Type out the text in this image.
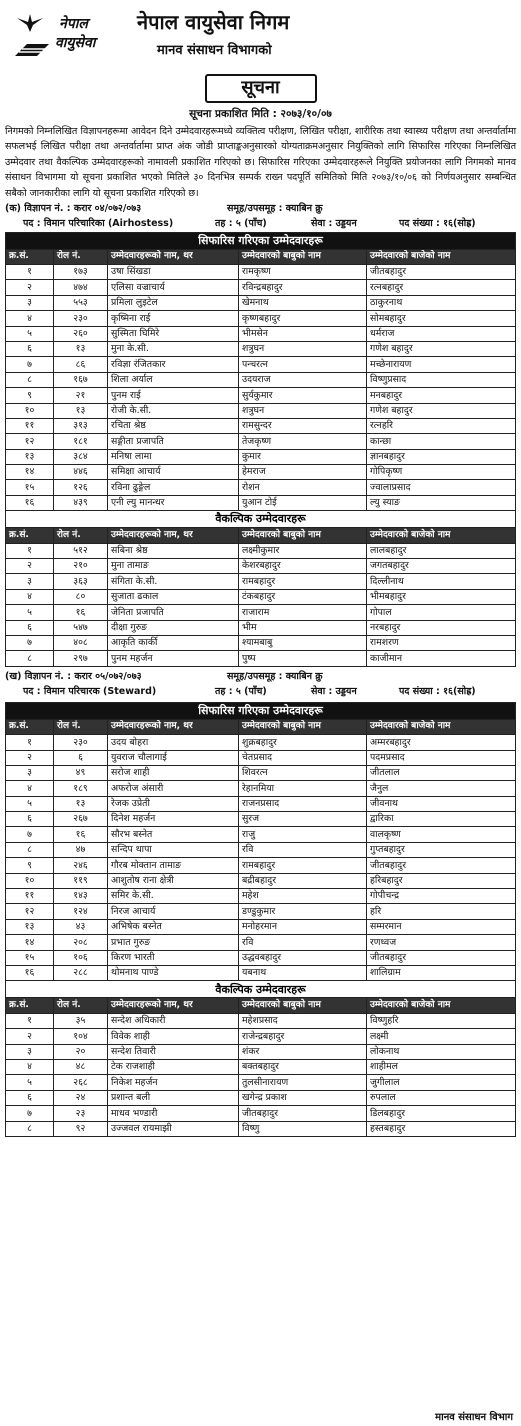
नेपाल
वायुसेवा
नेपाल वायुसेवा निगम
मानव संसाधन विभागको
सूचना
सूचना प्रकाशित मिति : २०७३/१०/०७
निगमको निम्नलिखित विज्ञापनहरूमा आवेदन दिने उम्मेदवारहरूमध्ये व्यक्तित्व परीक्षण, लिखित परीक्षा, शारीरिक तथा स्वास्थ्य परीक्षण तथा अन्तर्वार्तामा सफलभई लिखित परीक्षा तथा अन्तर्वार्तामा प्राप्त अंक जोडी प्राप्ताङ्कअनुसारको योग्यताक्रमअनुसार नियुक्तिको लागि सिफारिस गरिएका निम्नलिखित उम्मेदवार तथा वैकल्पिक उम्मेदवारहरूको नामावली प्रकाशित गरिएको छ। सिफारिस गरिएका उम्मेदवारहरूले नियुक्ति प्रयोजनका लागि निगमको मानव संसाधन विभागमा यो सूचना प्रकाशित भएको मितिले ३० दिनभित्र सम्पर्क राख्न पदपूर्ति समितिको मिति २०७३/१०/०६ को निर्णयअनुसार सम्बन्धित सबैको जानकारीका लागि यो सूचना प्रकाशित गरिएको छ।
(क) विज्ञापन नं. : करार ०४/०७२/०७३	समूह/उपसमूह : क्याबिन क्रु
पद : विमान परिचारिका (Airhostess)	तह : ५ (पाँच)	सेवा : उड्डयन	पद संख्या : १६(सोह्र)
सिफारिस गरिएका उम्मेदवारहरू				
क्र.सं.	रोल नं.	उम्मेदवारहरूको नाम, थर	उम्मेदवारको बाबुको नाम	उम्मेदवारको बाजेको नाम
१	१७३	उषा सिंखडा	रामकृष्ण	जीतबहादुर
२	४७४	एलिसा वज्राचार्य	रविन्द्रबहादुर	रत्नबहादुर
३	५५३	प्रमिला लुइटेल	खेमनाथ	ठाकुरनाथ
४	२३०	कृष्मिना राई	कृष्णबहादुर	सोमबहादुर
५	२६०	सुस्मिता घिमिरे	भीमसेन	धर्मराज
६	१३	मुना के.सी.	शत्रुघन	गणेश बहादुर
७	८६	रविज्ञा रंजितकार	पन्चरत्न	मच्छेनारायण
८	१६७	शिला अर्याल	उदयराज	विष्णुप्रसाद
९	२१	पुनम राई	सुर्यकुमार	मनबहादुर
१०	१३	रोजी के.सी.	शत्रुघन	गणेश बहादुर
११	३१३	रचिता श्रेष्ठ	रामसुन्दर	रत्नहरि
१२	१८१	सङ्गीता प्रजापति	तेजकृष्ण	कान्छा
१३	३८४	मनिषा लामा	कुमार	ज्ञानबहादुर
१४	४४६	समिक्षा आचार्य	हेमराज	गोपिकृष्ण
१५	१२६	रविना ढुङ्गेल	रोशन	ज्वालाप्रसाद
१६	४३९	एनी ल्यु मानन्धर	युआन टोई	ल्यु स्याङ
वैकल्पिक उम्मेदवारहरू				
क्र.सं.	रोल नं.	उम्मेदवारहरूको नाम, थर	उम्मेदवारको बाबुको नाम	उम्मेदवारको बाजेको नाम
१	५१२	सबिना श्रेष्ठ	लक्ष्मीकुमार	लालबहादुर
२	२१०	मुना तामाङ	केशरबहादुर	जगतबहादुर
३	३६३	संगिता के.सी.	रामबहादुर	दिल्लीनाथ
४	८०	सुजाता ढकाल	टंकबहादुर	भीमबहादुर
५	१६	जेनिता प्रजापति	राजाराम	गोपाल
६	५४७	दीक्षा गुरुङ	भीम	नरबहादुर
७	४०८	आकृति कार्की	श्यामबाबु	रामशरण
८	२९७	पुनम महर्जन	पुष्प	काजीमान
(ख) विज्ञापन नं. : करार ०५/०७२/०७३	समूह/उपसमूह : क्याबिन क्रु
पद : विमान परिचारक (Steward)	तह : ५ (पाँच)	सेवा : उड्डयन	पद संख्या : १६(सोह्र)
सिफारिस गरिएका उम्मेदवारहरू				
क्र.सं.	रोल नं.	उम्मेदवारहरूको नाम, थर	उम्मेदवारको बाबुको नाम	उम्मेदवारको बाजेको नाम
१	२३०	उदय बोहरा	शुक्रबहादुर	अम्मरबहादुर
२	६	युवराज चौलागाई	चेतप्रसाद	पदमप्रसाद
३	४९	सरोज शाही	शिवरत्न	जीतलाल
४	१८९	अफरोज अंसारी	रेहानमिया	जैनुल
५	१३	रेजक उप्रेती	राजनप्रसाद	जीवनाथ
६	२६७	दिनेश महर्जन	सुरज	द्वारिका
७	१६	सौरभ बस्नेत	राजु	वालकृष्ण
८	४७	सन्दिप थापा	रवि	गुप्तबहादुर
९	२४६	गौरब मोक्तान तामाङ	रामबहादुर	जीतबहादुर
१०	११९	आशुतोष राना क्षेत्री	बद्रीबहादुर	हरिबहादुर
११	१४३	समिर के.सी.	महेश	गोपीचन्द्र
१२	१२४	निरज आचार्य	डण्डुकुमार	हरि
१३	४३	अभिषेक बस्नेत	मनोहरमान	सम्मरमान
१४	२०८	प्रभात गुरुङ	रवि	रणध्वज
१५	१०६	किरण भारती	उद्धवबहादुर	जीतबहादुर
१६	२८८	थोमनाथ पाण्डे	यबनाथ	शालिग्राम
वैकल्पिक उम्मेदवारहरू				
क्र.सं.	रोल नं.	उम्मेदवारहरूको नाम, थर	उम्मेदवारको बाबुको नाम	उम्मेदवारको बाजेको नाम
१	३५	सन्देश अधिकारी	महेशप्रसाद	विष्णुहरि
२	१०४	विवेक शाही	राजेन्द्रबहादुर	लक्ष्मी
३	२०	सन्देश तिवारी	शंकर	लोकनाथ
४	४८	टेक राजशाही	बक्तबहादुर	शाहीमल
५	२६८	निकेश महर्जन	तुलसीनारायण	जुगीलाल
६	२४	प्रशान्त बली	खगेन्द्र प्रकाश	रुपलाल
७	२३	माधव भण्डारी	जीतबहादुर	डिलबहादुर
८	९२	उज्जवल रायमाझी	विष्णु	हस्तबहादुर
मानव संसाधन विभाग
